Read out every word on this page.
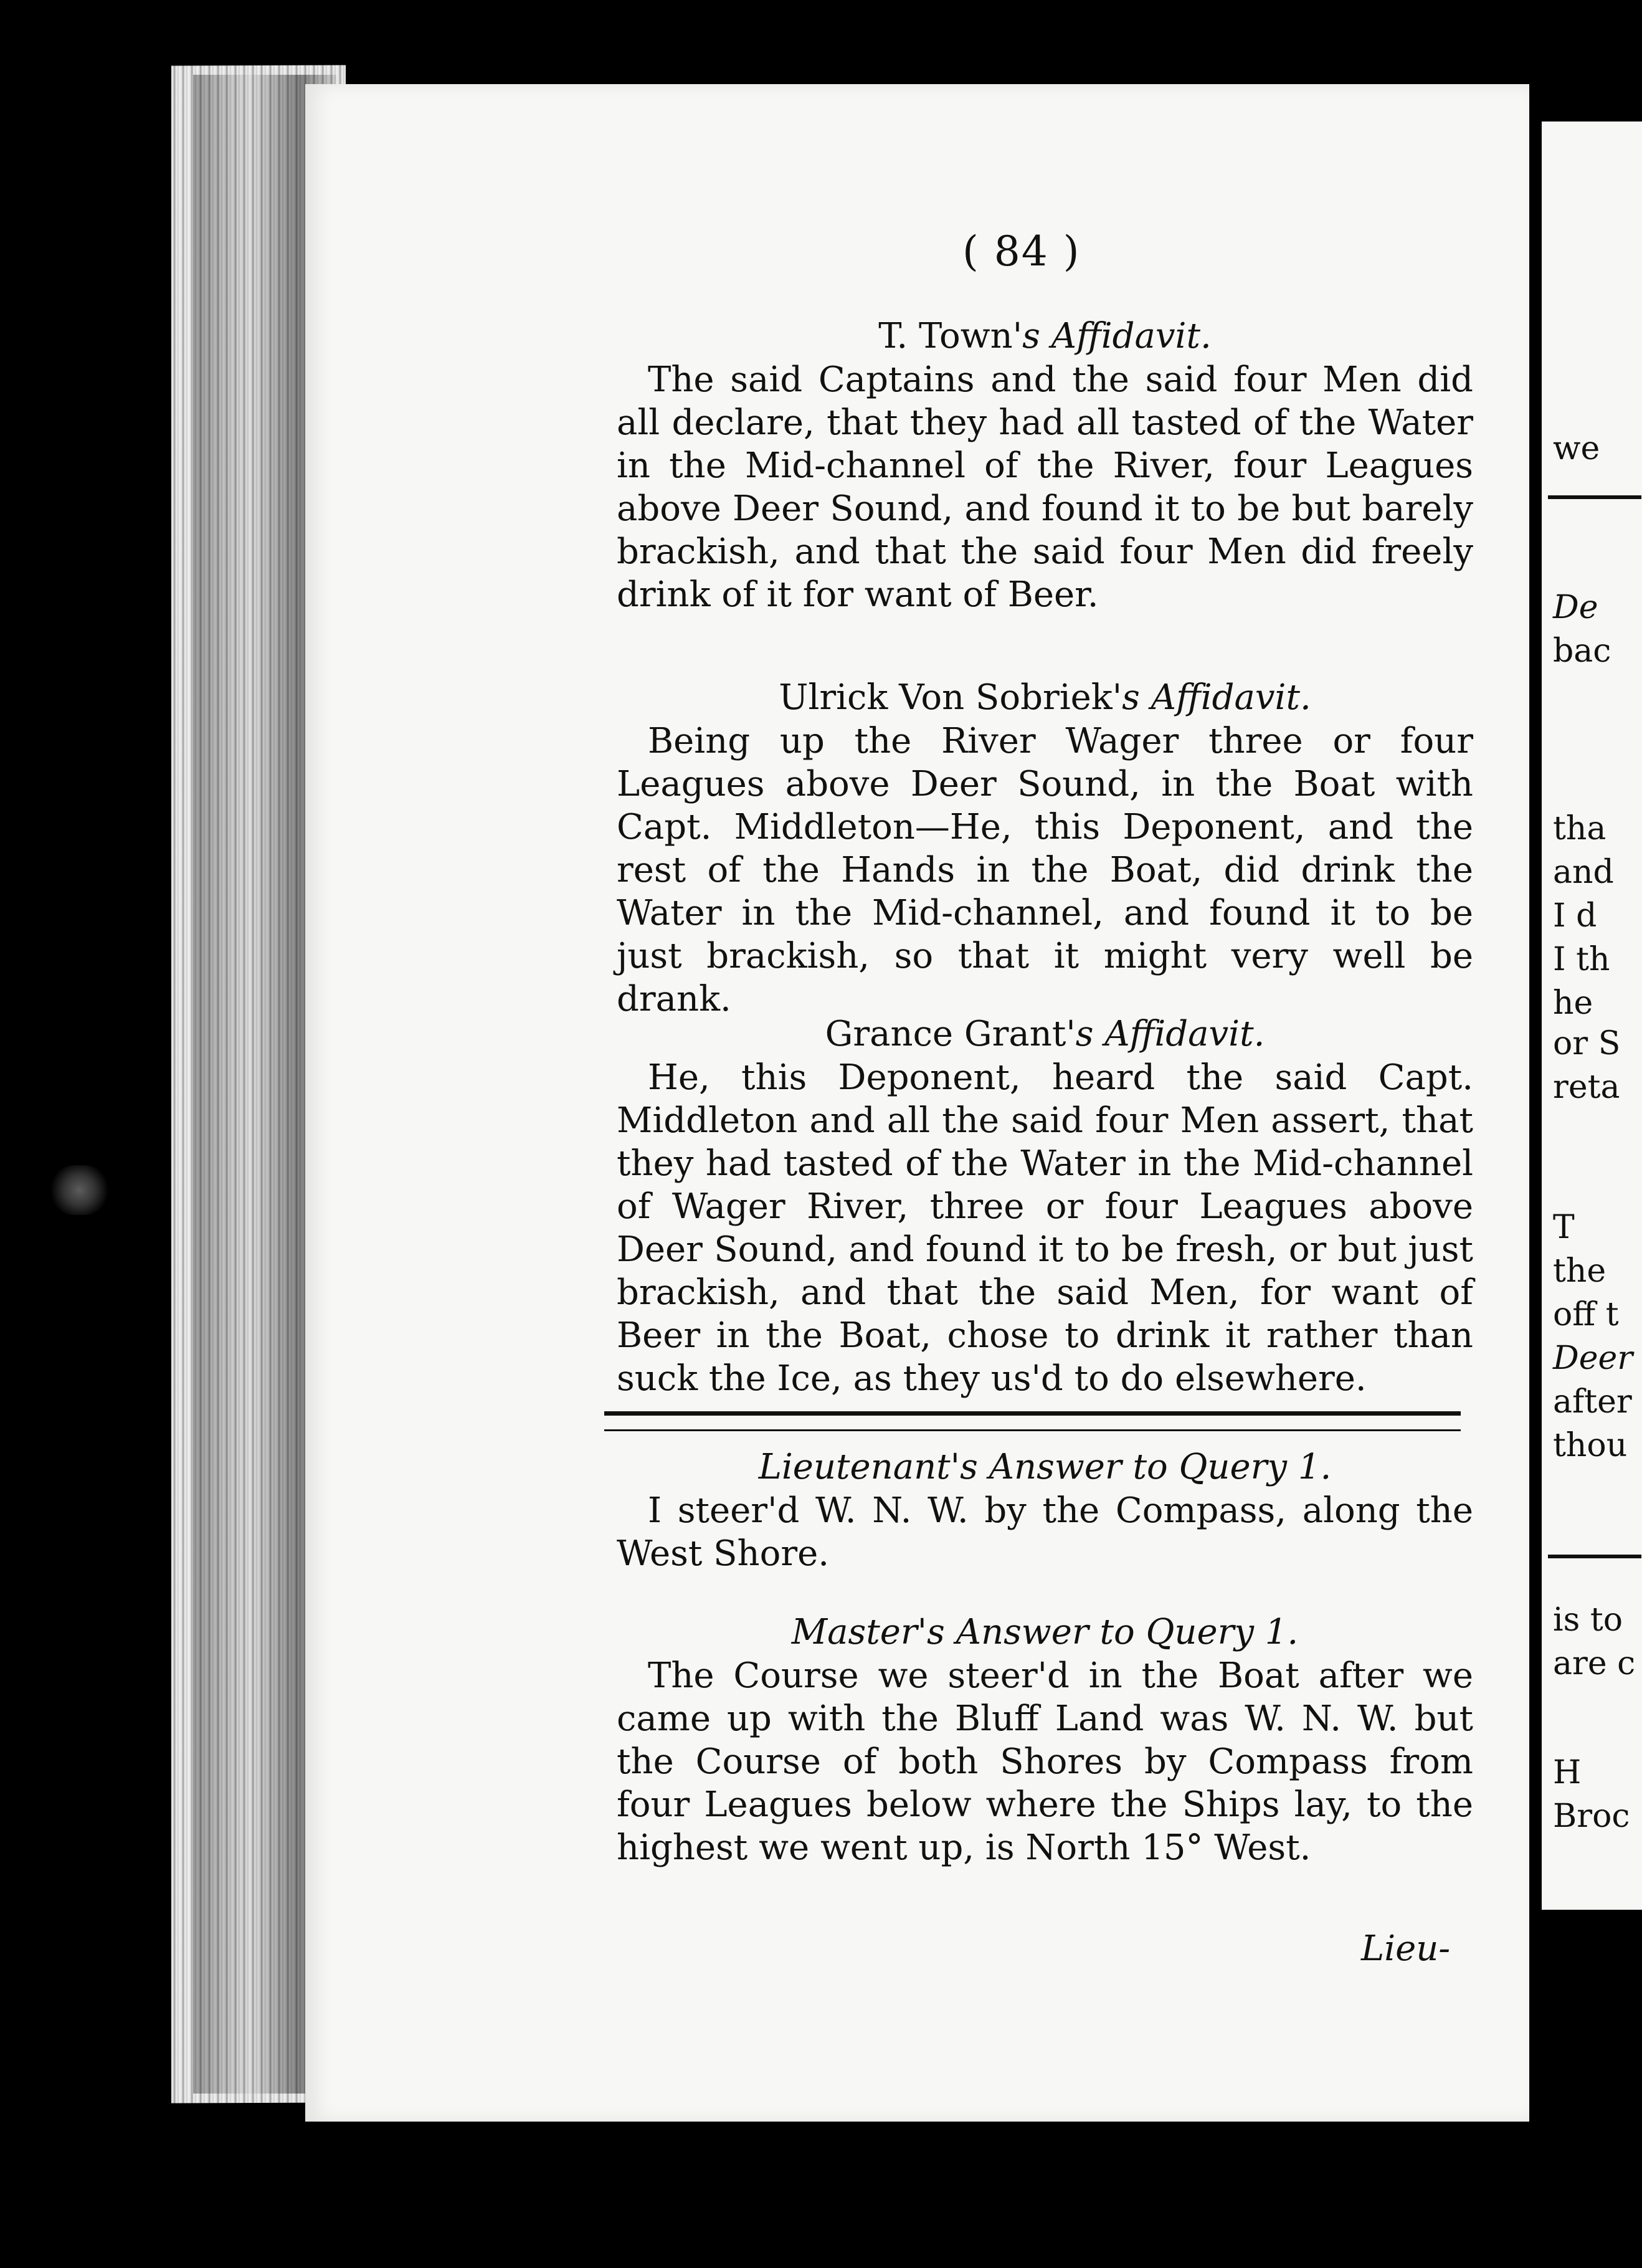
we
De
bac
tha
and
I d
I th
he
or S
reta
T
the
off t
Deer
after
thou
is to
are c
H
Broc
( 84 )
T. Town's Affidavit.

The said Captains and the said four Men did all declare, that they had all tasted of the Water in the Mid-channel of the River, four Leagues above Deer Sound, and found it to be but barely brackish, and that the said four Men did freely drink of it for want of Beer.

Ulrick Von Sobriek's Affidavit.

Being up the River Wager three or four Leagues above Deer Sound, in the Boat with Capt. Middleton—He, this Deponent, and the rest of the Hands in the Boat, did drink the Water in the Mid-channel, and found it to be just brackish, so that it might very well be drank.

Grance Grant's Affidavit.

He, this Deponent, heard the said Capt. Middleton and all the said four Men assert, that they had tasted of the Water in the Mid-channel of Wager River, three or four Leagues above Deer Sound, and found it to be fresh, or but just brackish, and that the said Men, for want of Beer in the Boat, chose to drink it rather than suck the Ice, as they us'd to do elsewhere.

Lieutenant's Answer to Query 1.

I steer'd W. N. W. by the Compass, along the West Shore.

Master's Answer to Query 1.

The Course we steer'd in the Boat after we came up with the Bluff Land was W. N. W. but the Course of both Shores by Compass from four Leagues below where the Ships lay, to the highest we went up, is North 15° West.

Lieu-
